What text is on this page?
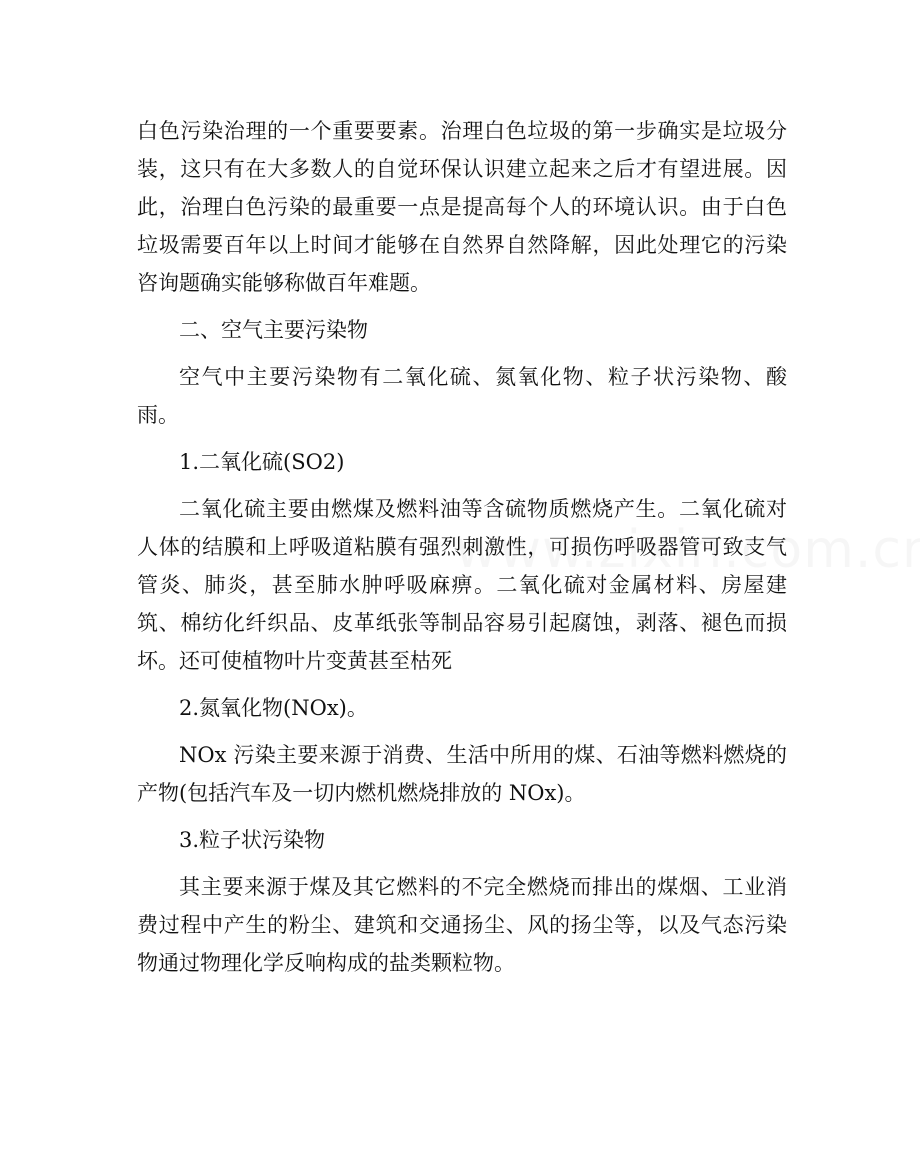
白色污染治理的一个重要要素。治理白色垃圾的第一步确实是垃圾分装，这只有在大多数人的自觉环保认识建立起来之后才有望进展。因此，治理白色污染的最重要一点是提高每个人的环境认识。由于白色垃圾需要百年以上时间才能够在自然界自然降解，因此处理它的污染咨询题确实能够称做百年难题。

二、空气主要污染物

空气中主要污染物有二氧化硫、氮氧化物、粒子状污染物、酸雨。

1.二氧化硫(SO2)

二氧化硫主要由燃煤及燃料油等含硫物质燃烧产生。二氧化硫对人体的结膜和上呼吸道粘膜有强烈刺激性，可损伤呼吸器管可致支气管炎、肺炎，甚至肺水肿呼吸麻痹。二氧化硫对金属材料、房屋建筑、棉纺化纤织品、皮革纸张等制品容易引起腐蚀，剥落、褪色而损坏。还可使植物叶片变黄甚至枯死

2.氮氧化物(NOx)。

NOx 污染主要来源于消费、生活中所用的煤、石油等燃料燃烧的产物(包括汽车及一切内燃机燃烧排放的 NOx)。

3.粒子状污染物

其主要来源于煤及其它燃料的不完全燃烧而排出的煤烟、工业消费过程中产生的粉尘、建筑和交通扬尘、风的扬尘等，以及气态污染物通过物理化学反响构成的盐类颗粒物。
